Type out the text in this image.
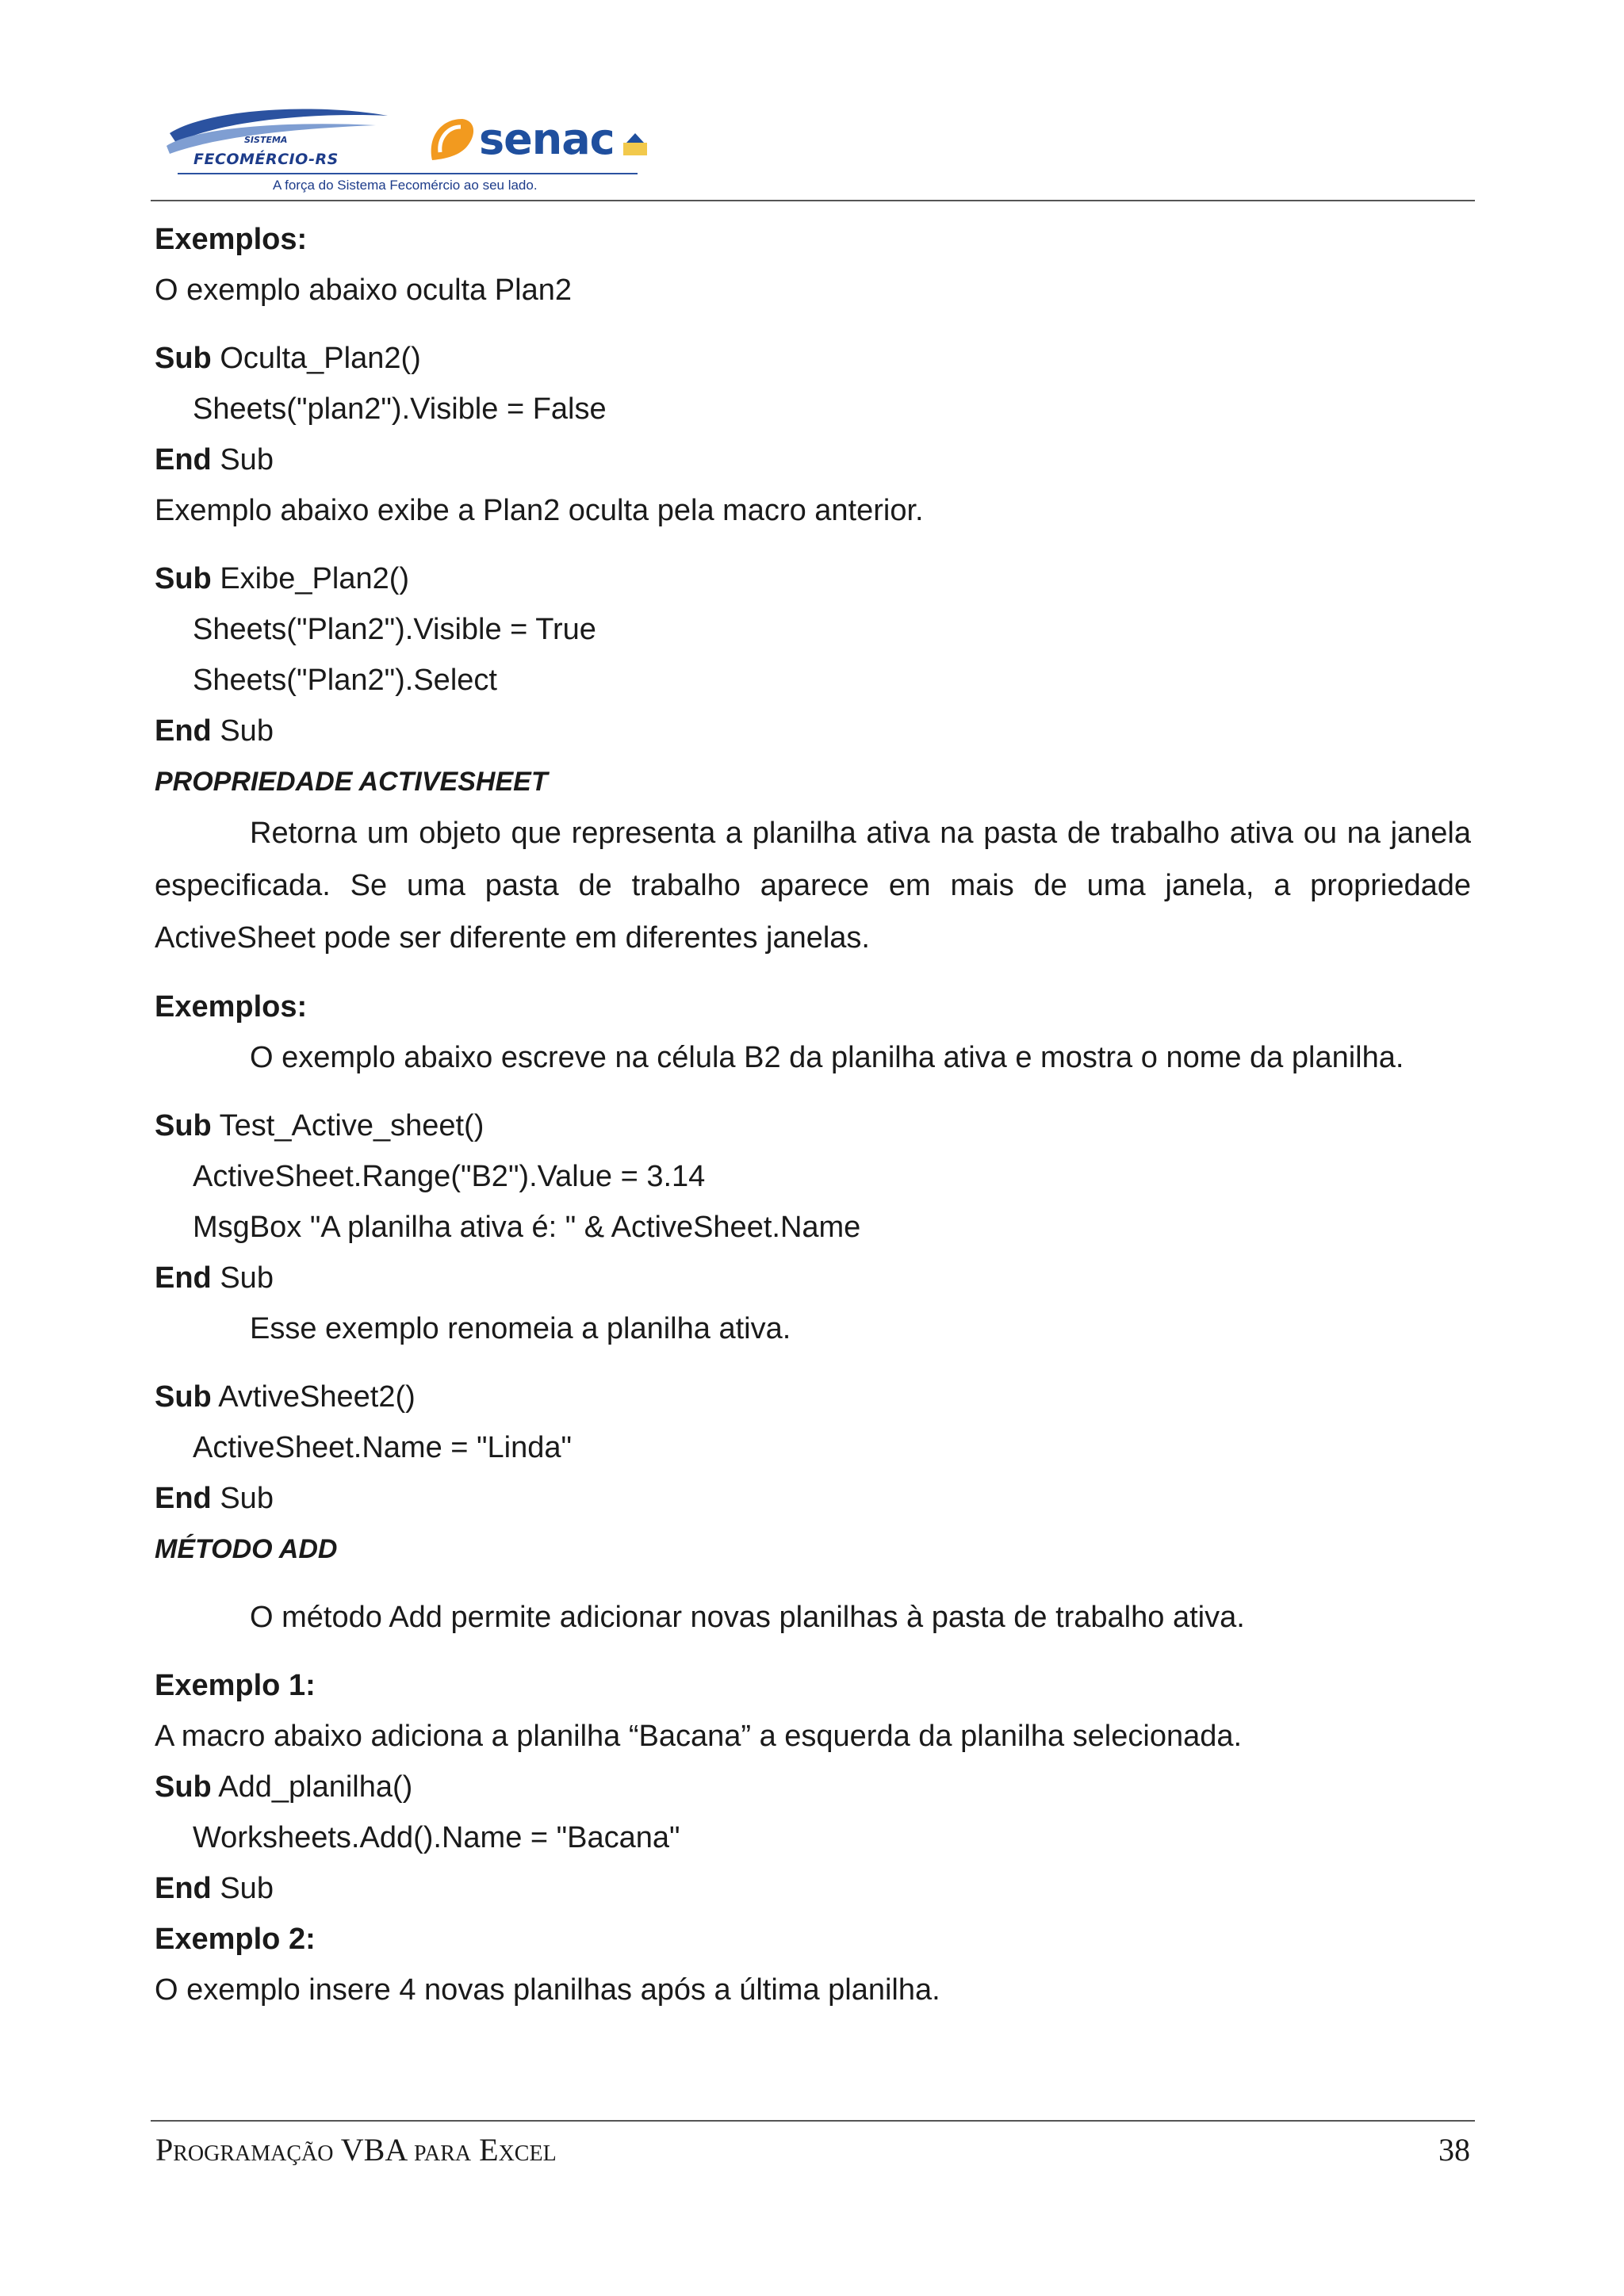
SISTEMA
FECOMÉRCIO-RS	senac
A força do Sistema Fecomércio ao seu lado.

Exemplos:

O exemplo abaixo oculta Plan2

Sub Oculta_Plan2()

Sheets("plan2").Visible = False

End Sub

Exemplo abaixo exibe a Plan2 oculta pela macro anterior.

Sub Exibe_Plan2()

Sheets("Plan2").Visible = True

Sheets("Plan2").Select

End Sub

PROPRIEDADE ACTIVESHEET

Retorna um objeto que representa a planilha ativa na pasta de trabalho ativa ou na janela especificada. Se uma pasta de trabalho aparece em mais de uma janela, a propriedade ActiveSheet pode ser diferente em diferentes janelas.

Exemplos:

O exemplo abaixo escreve na célula B2 da planilha ativa e mostra o nome da planilha.

Sub Test_Active_sheet()

ActiveSheet.Range("B2").Value = 3.14

MsgBox "A planilha ativa é: " & ActiveSheet.Name

End Sub

Esse exemplo renomeia a planilha ativa.

Sub AvtiveSheet2()

ActiveSheet.Name = "Linda"

End Sub

MÉTODO ADD

O método Add permite adicionar novas planilhas à pasta de trabalho ativa.

Exemplo 1:

A macro abaixo adiciona a planilha “Bacana” a esquerda da planilha selecionada.

Sub Add_planilha()

Worksheets.Add().Name = "Bacana"

End Sub

Exemplo 2:

O exemplo insere 4 novas planilhas após a última planilha.

Programação VBA para Excel	38
